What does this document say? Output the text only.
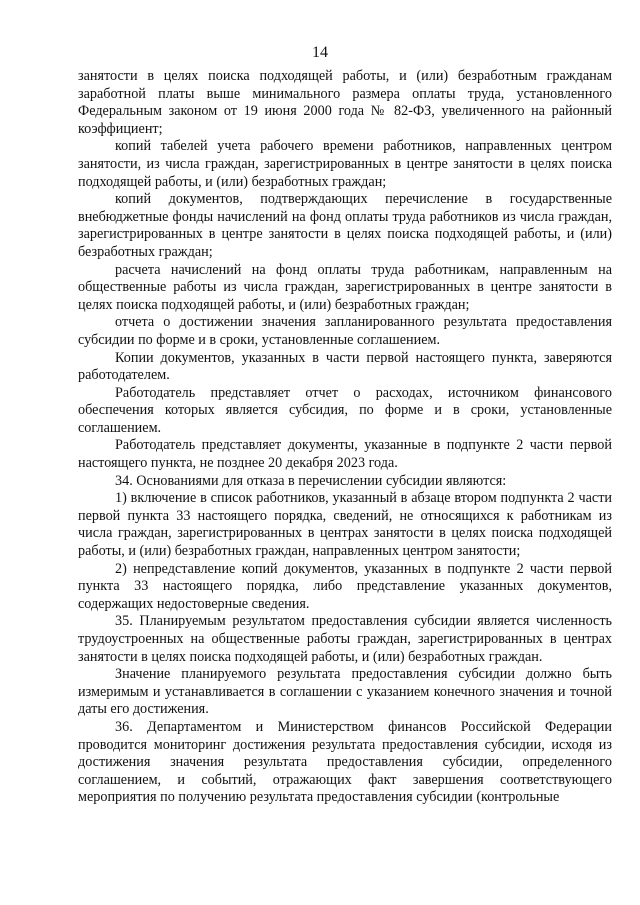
14

занятости в целях поиска подходящей работы, и (или) безработным гражданам заработной платы выше минимального размера оплаты труда, установленного Федеральным законом от 19 июня 2000 года № 82-ФЗ, увеличенного на районный коэффициент;

копий табелей учета рабочего времени работников, направленных центром занятости, из числа граждан, зарегистрированных в центре занятости в целях поиска подходящей работы, и (или) безработных граждан;

копий документов, подтверждающих перечисление в государственные внебюджетные фонды начислений на фонд оплаты труда работников из числа граждан, зарегистрированных в центре занятости в целях поиска подходящей работы, и (или) безработных граждан;

расчета начислений на фонд оплаты труда работникам, направленным на общественные работы из числа граждан, зарегистрированных в центре занятости в целях поиска подходящей работы, и (или) безработных граждан;

отчета о достижении значения запланированного результата предоставления субсидии по форме и в сроки, установленные соглашением.

Копии документов, указанных в части первой настоящего пункта, заверяются работодателем.

Работодатель представляет отчет о расходах, источником финансового обеспечения которых является субсидия, по форме и в сроки, установленные соглашением.

Работодатель представляет документы, указанные в подпункте 2 части первой настоящего пункта, не позднее 20 декабря 2023 года.

34. Основаниями для отказа в перечислении субсидии являются:

1) включение в список работников, указанный в абзаце втором подпункта 2 части первой пункта 33 настоящего порядка, сведений, не относящихся к работникам из числа граждан, зарегистрированных в центрах занятости в целях поиска подходящей работы, и (или) безработных граждан, направленных центром занятости;

2) непредставление копий документов, указанных в подпункте 2 части первой пункта 33 настоящего порядка, либо представление указанных документов, содержащих недостоверные сведения.

35. Планируемым результатом предоставления субсидии является численность трудоустроенных на общественные работы граждан, зарегистрированных в центрах занятости в целях поиска подходящей работы, и (или) безработных граждан.

Значение планируемого результата предоставления субсидии должно быть измеримым и устанавливается в соглашении с указанием конечного значения и точной даты его достижения.

36. Департаментом и Министерством финансов Российской Федерации проводится мониторинг достижения результата предоставления субсидии, исходя из достижения значения результата предоставления субсидии, определенного соглашением, и событий, отражающих факт завершения соответствующего мероприятия по получению результата предоставления субсидии (контрольные
